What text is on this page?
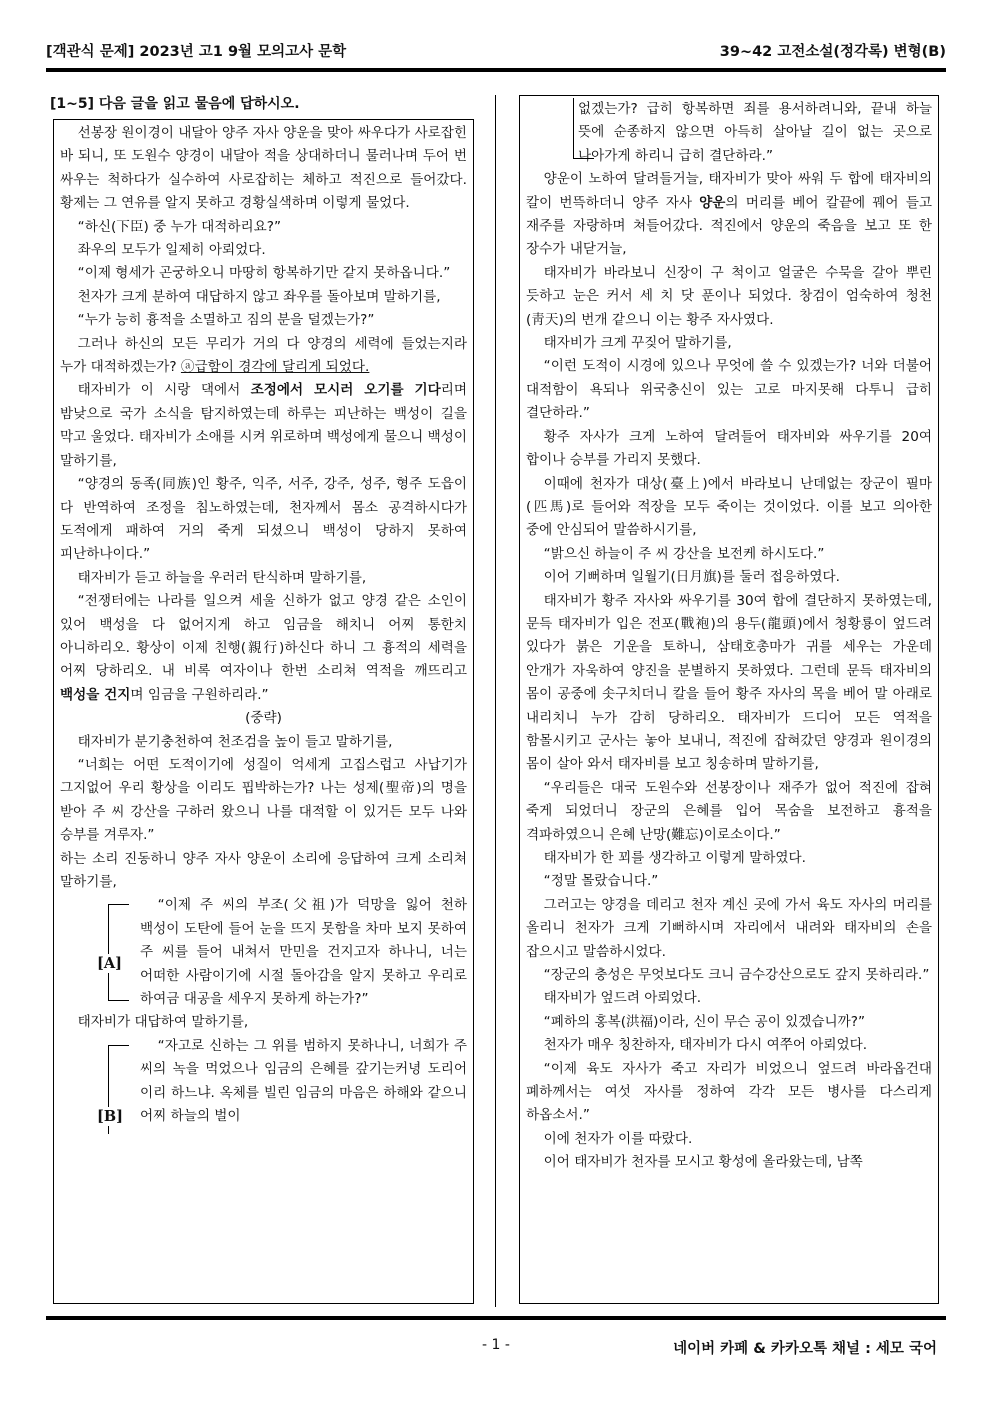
[객관식 문제] 2023년 고1 9월 모의고사 문학	39~42 고전소설(정각록) 변형(B)
[1~5] 다음 글을 읽고 물음에 답하시오.

선봉장 원이경이 내달아 양주 자사 양운을 맞아 싸우다가 사로잡힌 바 되니, 또 도원수 양경이 내달아 적을 상대하더니 물러나며 두어 번 싸우는 척하다가 실수하여 사로잡히는 체하고 적진으로 들어갔다. 황제는 그 연유를 알지 못하고 경황실색하며 이렇게 물었다.

“하신(下臣) 중 누가 대적하리요?”

좌우의 모두가 일제히 아뢰었다.

“이제 형세가 곤궁하오니 마땅히 항복하기만 같지 못하옵니다.”

천자가 크게 분하여 대답하지 않고 좌우를 돌아보며 말하기를,

“누가 능히 흉적을 소멸하고 짐의 분을 덜겠는가?”

그러나 하신의 모든 무리가 거의 다 양경의 세력에 들었는지라 누가 대적하겠는가? ⓐ급함이 경각에 달리게 되었다.

태자비가 이 시랑 댁에서 조정에서 모시러 오기를 기다리며 밤낮으로 국가 소식을 탐지하였는데 하루는 피난하는 백성이 길을 막고 울었다. 태자비가 소애를 시켜 위로하며 백성에게 물으니 백성이 말하기를,

“양경의 동족(同族)인 황주, 익주, 서주, 강주, 성주, 형주 도읍이 다 반역하여 조정을 침노하였는데, 천자께서 몸소 공격하시다가 도적에게 패하여 거의 죽게 되셨으니 백성이 당하지 못하여 피난하나이다.”

태자비가 듣고 하늘을 우러러 탄식하며 말하기를,

“전쟁터에는 나라를 일으켜 세울 신하가 없고 양경 같은 소인이 있어 백성을 다 없어지게 하고 임금을 해치니 어찌 통한치 아니하리오. 황상이 이제 친행(親行)하신다 하니 그 흉적의 세력을 어찌 당하리오. 내 비록 여자이나 한번 소리쳐 역적을 깨뜨리고 백성을 건지며 임금을 구원하리라.”

(중략)

태자비가 분기충천하여 천조검을 높이 들고 말하기를,

“너희는 어떤 도적이기에 성질이 억세게 고집스럽고 사납기가 그지없어 우리 황상을 이리도 핍박하는가? 나는 성제(聖帝)의 명을 받아 주 씨 강산을 구하러 왔으니 나를 대적할 이 있거든 모두 나와 승부를 겨루자.”

하는 소리 진동하니 양주 자사 양운이 소리에 응답하여 크게 소리쳐 말하기를,

[A]

“이제 주 씨의 부조(父祖)가 덕망을 잃어 천하 백성이 도탄에 들어 눈을 뜨지 못함을 차마 보지 못하여 주 씨를 들어 내쳐서 만민을 건지고자 하나니, 너는 어떠한 사람이기에 시절 돌아감을 알지 못하고 우리로 하여금 대공을 세우지 못하게 하는가?”

태자비가 대답하여 말하기를,

[B]

“자고로 신하는 그 위를 범하지 못하나니, 너희가 주 씨의 녹을 먹었으나 임금의 은혜를 갚기는커녕 도리어 이리 하느냐. 옥체를 빌린 임금의 마음은 하해와 같으니 어찌 하늘의 벌이

없겠는가? 급히 항복하면 죄를 용서하려니와, 끝내 하늘 뜻에 순종하지 않으면 아득히 살아날 길이 없는 곳으로 나아가게 하리니 급히 결단하라.”

양운이 노하여 달려들거늘, 태자비가 맞아 싸워 두 합에 태자비의 칼이 번뜩하더니 양주 자사 양운의 머리를 베어 칼끝에 꿰어 들고 재주를 자랑하며 쳐들어갔다. 적진에서 양운의 죽음을 보고 또 한 장수가 내닫거늘,

태자비가 바라보니 신장이 구 척이고 얼굴은 수묵을 갈아 뿌린 듯하고 눈은 커서 세 치 닷 푼이나 되었다. 창검이 엄숙하여 청천(靑天)의 번개 같으니 이는 황주 자사였다.

태자비가 크게 꾸짖어 말하기를,

“이런 도적이 시경에 있으나 무엇에 쓸 수 있겠는가? 너와 더불어 대적함이 욕되나 위국충신이 있는 고로 마지못해 다투니 급히 결단하라.”

황주 자사가 크게 노하여 달려들어 태자비와 싸우기를 20여 합이나 승부를 가리지 못했다.

이때에 천자가 대상(臺上)에서 바라보니 난데없는 장군이 필마(匹馬)로 들어와 적장을 모두 죽이는 것이었다. 이를 보고 의아한 중에 안심되어 말씀하시기를,

“밝으신 하늘이 주 씨 강산을 보전케 하시도다.”

이어 기뻐하며 일월기(日月旗)를 둘러 접응하였다.

태자비가 황주 자사와 싸우기를 30여 합에 결단하지 못하였는데, 문득 태자비가 입은 전포(戰袍)의 용두(龍頭)에서 청황룡이 엎드려 있다가 붉은 기운을 토하니, 삼태호총마가 귀를 세우는 가운데 안개가 자욱하여 양진을 분별하지 못하였다. 그런데 문득 태자비의 몸이 공중에 솟구치더니 칼을 들어 황주 자사의 목을 베어 말 아래로 내리치니 누가 감히 당하리오. 태자비가 드디어 모든 역적을 함몰시키고 군사는 놓아 보내니, 적진에 잡혀갔던 양경과 원이경의 몸이 살아 와서 태자비를 보고 칭송하며 말하기를,

“우리들은 대국 도원수와 선봉장이나 재주가 없어 적진에 잡혀 죽게 되었더니 장군의 은혜를 입어 목숨을 보전하고 흉적을 격파하였으니 은혜 난망(難忘)이로소이다.”

태자비가 한 꾀를 생각하고 이렇게 말하였다.

“정말 몰랐습니다.”

그러고는 양경을 데리고 천자 계신 곳에 가서 육도 자사의 머리를 올리니 천자가 크게 기뻐하시며 자리에서 내려와 태자비의 손을 잡으시고 말씀하시었다.

“장군의 충성은 무엇보다도 크니 금수강산으로도 갚지 못하리라.”

태자비가 엎드려 아뢰었다.

“폐하의 홍복(洪福)이라, 신이 무슨 공이 있겠습니까?”

천자가 매우 칭찬하자, 태자비가 다시 여쭈어 아뢰었다.

“이제 육도 자사가 죽고 자리가 비었으니 엎드려 바라옵건대 폐하께서는 여섯 자사를 정하여 각각 모든 병사를 다스리게 하옵소서.”

이에 천자가 이를 따랐다.

이어 태자비가 천자를 모시고 황성에 올라왔는데, 남쪽

- 1 -	네이버 카페 & 카카오톡 채널 : 세모 국어
